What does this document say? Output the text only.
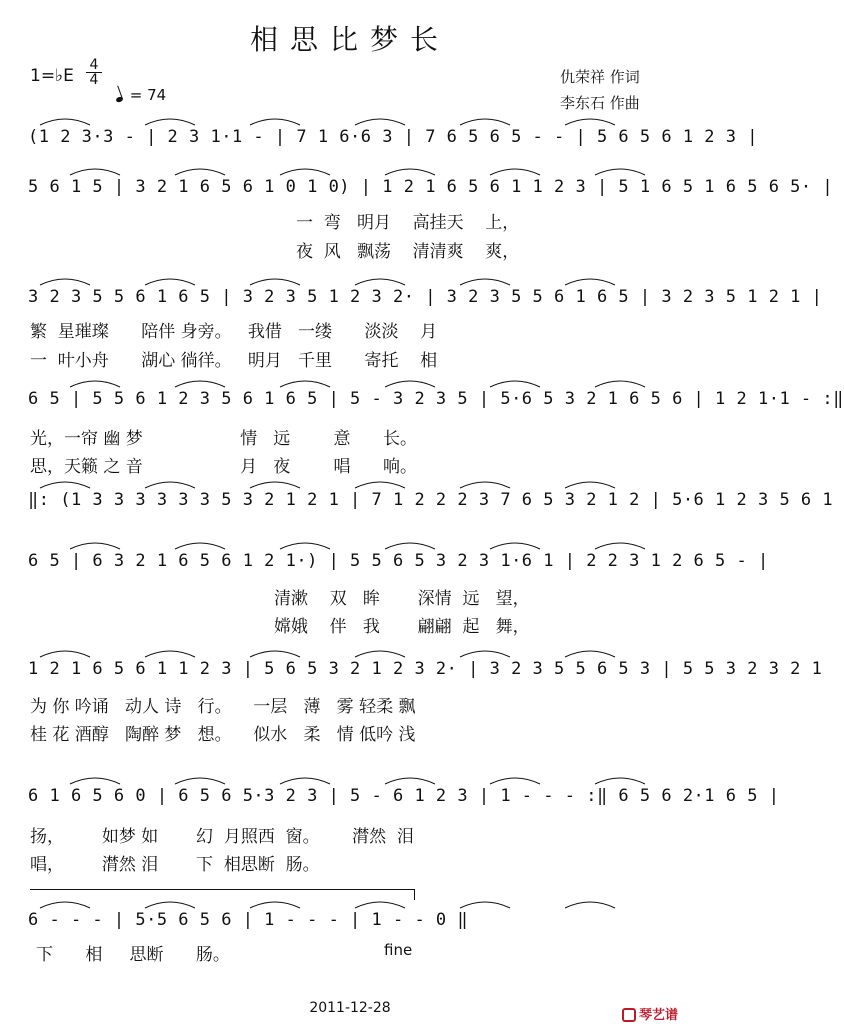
相思比梦长
1=♭E
4
4
= 74
仇荣祥 作词
李东石 作曲
(1 2 3·3 - | 2 3 1·1 - | 7 1 6·6 3 | 7 6 5 6 5 - - | 5 6 5 6 1 2 3 |
5 6 1 5 | 3 2 1 6 5 6 1 0 1 0) | 1 2 1 6 5 6 1 1 2 3 | 5 1 6 5 1 6 5 6 5· |
一  弯   明月    高挂天    上，
夜  风   飘荡    清清爽    爽，
3 2 3 5 5 6 1 6 5 | 3 2 3 5 1 2 3 2· | 3 2 3 5 5 6 1 6 5 | 3 2 3 5 1 2 1 |
繁  星璀璨      陪伴 身旁。   我借   一缕      淡淡    月
一  叶小舟      湖心 徜徉。   明月   千里      寄托    相
6 5 | 5 5 6 1 2 3 5 6 1 6 5 | 5 - 3 2 3 5 | 5·6 5 3 2 1 6 5 6 | 1 2 1·1 - :‖
光，一帘 幽 梦                  情   远        意      长。
思，天籁 之 音                  月   夜        唱      响。
‖: (1 3 3 3 3 3 3 5 3 2 1 2 1 | 7 1 2 2 2 3 7 6 5 3 2 1 2 | 5·6 1 2 3 5 6 1
6 5 | 6 3 2 1 6 5 6 1 2 1·) | 5 5 6 5 3 2 3 1·6 1 | 2 2 3 1 2 6 5 - |
清漱    双   眸       深情  远   望，
嫦娥    伴   我       翩翩  起   舞，
1 2 1 6 5 6 1 1 2 3 | 5 6 5 3 2 1 2 3 2· | 3 2 3 5 5 6 5 3 | 5 5 3 2 3 2 1
为 你 吟诵   动人 诗   行。    一层   薄   雾 轻柔 飘
桂 花 酒醇   陶醉 梦   想。    似水   柔   情 低吟 浅
6 1 6 5 6 0 | 6 5 6 5·3 2 3 | 5 - 6 1 2 3 | 1 - - - :‖ 6 5 6 2·1 6 5 |
扬，       如梦 如       幻  月照西  窗。      潸然  泪
唱，       潸然 泪       下  相思断  肠。
6 - - - | 5·5 6 5 6 | 1 - - - | 1 - - 0 ‖
下      相     思断      肠。	fine
2011-12-28	琴艺谱
